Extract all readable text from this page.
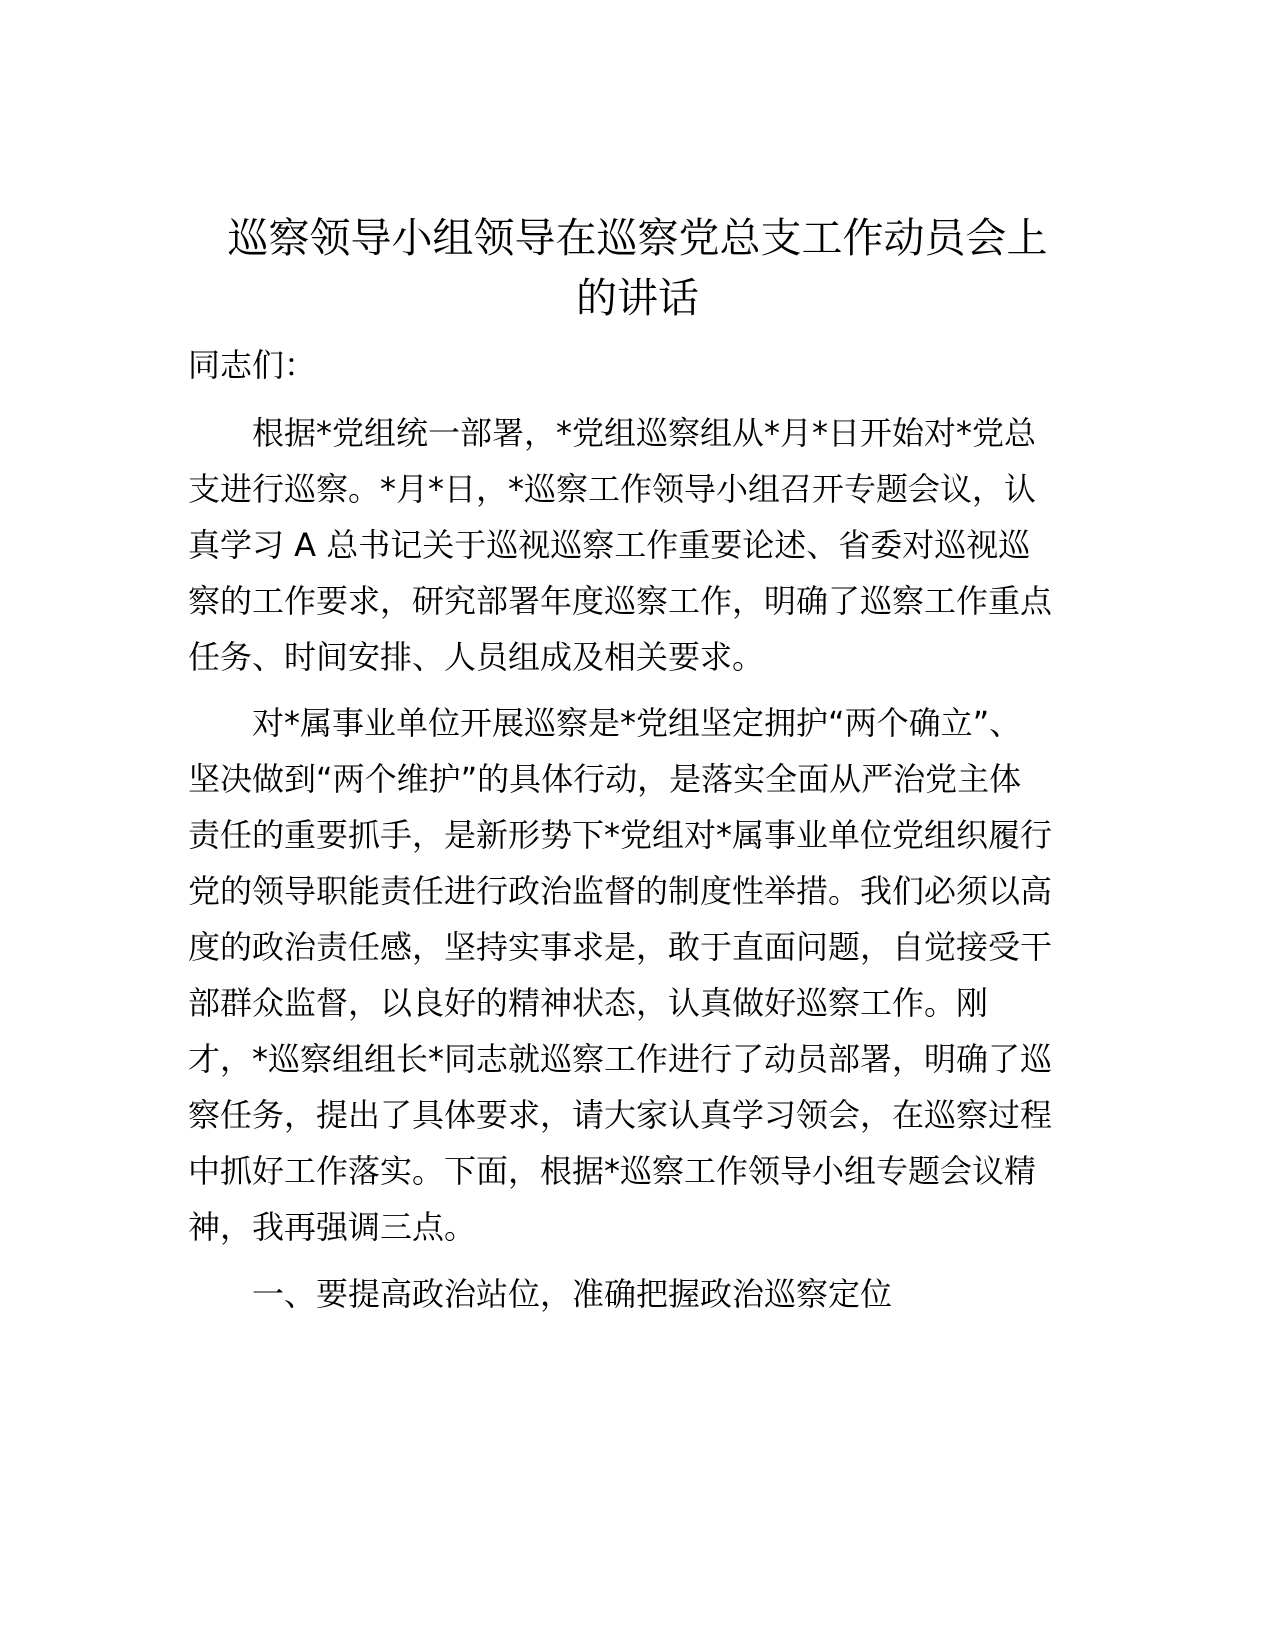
巡察领导小组领导在巡察党总支工作动员会上
的讲话

同志们：

根据*党组统一部署，*党组巡察组从*月*日开始对*党总

支进行巡察。*月*日，*巡察工作领导小组召开专题会议，认

真学习 A 总书记关于巡视巡察工作重要论述、省委对巡视巡

察的工作要求，研究部署年度巡察工作，明确了巡察工作重点

任务、时间安排、人员组成及相关要求。

对*属事业单位开展巡察是*党组坚定拥护“两个确立”、

坚决做到“两个维护”的具体行动，是落实全面从严治党主体

责任的重要抓手，是新形势下*党组对*属事业单位党组织履行

党的领导职能责任进行政治监督的制度性举措。我们必须以高

度的政治责任感，坚持实事求是，敢于直面问题，自觉接受干

部群众监督，以良好的精神状态，认真做好巡察工作。刚

才，*巡察组组长*同志就巡察工作进行了动员部署，明确了巡

察任务，提出了具体要求，请大家认真学习领会，在巡察过程

中抓好工作落实。下面，根据*巡察工作领导小组专题会议精

神，我再强调三点。

一、要提高政治站位，准确把握政治巡察定位
